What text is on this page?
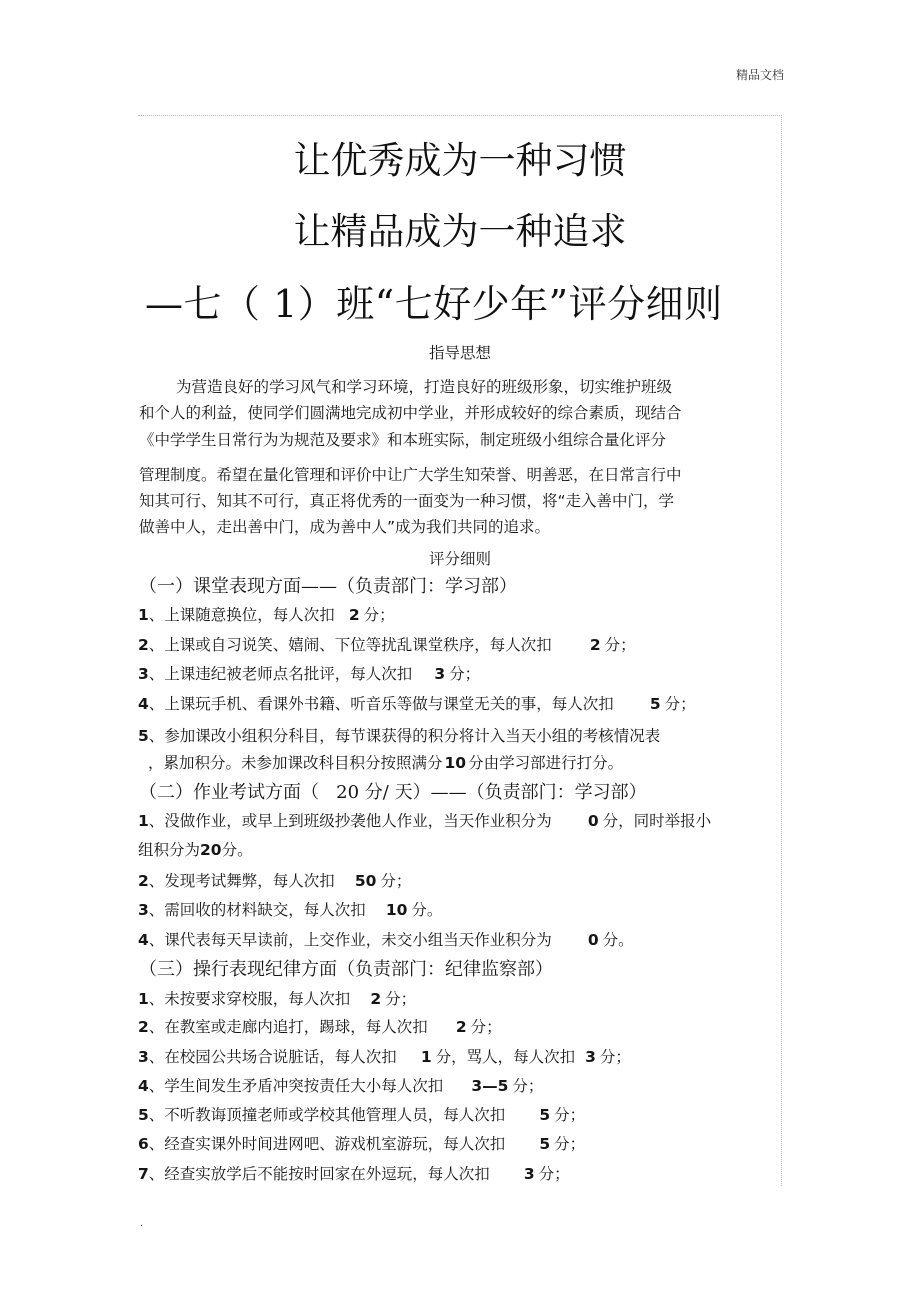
精品文档
让优秀成为一种习惯
让精品成为一种追求
—七（ 1）班“七好少年”评分细则
指导思想
为营造良好的学习风气和学习环境，打造良好的班级形象，切实维护班级
和个人的利益，使同学们圆满地完成初中学业，并形成较好的综合素质，现结合
《中学学生日常行为为规范及要求》和本班实际，制定班级小组综合量化评分
管理制度。希望在量化管理和评价中让广大学生知荣誉、明善恶，在日常言行中
知其可行、知其不可行，真正将优秀的一面变为一种习惯，将“走入善中门，学
做善中人，走出善中门，成为善中人”成为我们共同的追求。
评分细则
（一）课堂表现方面——（负责部门：学习部）
1、上课随意换位，每人次扣 2 分；
2、上课或自习说笑、嬉闹、下位等扰乱课堂秩序，每人次扣 2 分；
3、上课违纪被老师点名批评，每人次扣 3 分；
4、上课玩手机、看课外书籍、听音乐等做与课堂无关的事，每人次扣 5 分；
5、参加课改小组积分科目，每节课获得的积分将计入当天小组的考核情况表
，累加积分。未参加课改科目积分按照满分 10 分由学习部进行打分。
（二）作业考试方面（   20 分/ 天）——（负责部门：学习部）
1、没做作业，或早上到班级抄袭他人作业，当天作业积分为 0 分，同时举报小
组积分为20分。
2、发现考试舞弊，每人次扣 50 分；
3、需回收的材料缺交，每人次扣 10 分。
4、课代表每天早读前，上交作业，未交小组当天作业积分为 0 分。
（三）操行表现纪律方面（负责部门：纪律监察部）
1、未按要求穿校服，每人次扣 2 分；
2、在教室或走廊内追打，踢球，每人次扣 2 分；
3、在校园公共场合说脏话，每人次扣 1 分，骂人，每人次扣 3 分；
4、学生间发生矛盾冲突按责任大小每人次扣 3—5 分；
5、不听教诲顶撞老师或学校其他管理人员，每人次扣 5 分；
6、经查实课外时间进网吧、游戏机室游玩，每人次扣 5 分；
7、经查实放学后不能按时回家在外逗玩，每人次扣 3 分；
.
